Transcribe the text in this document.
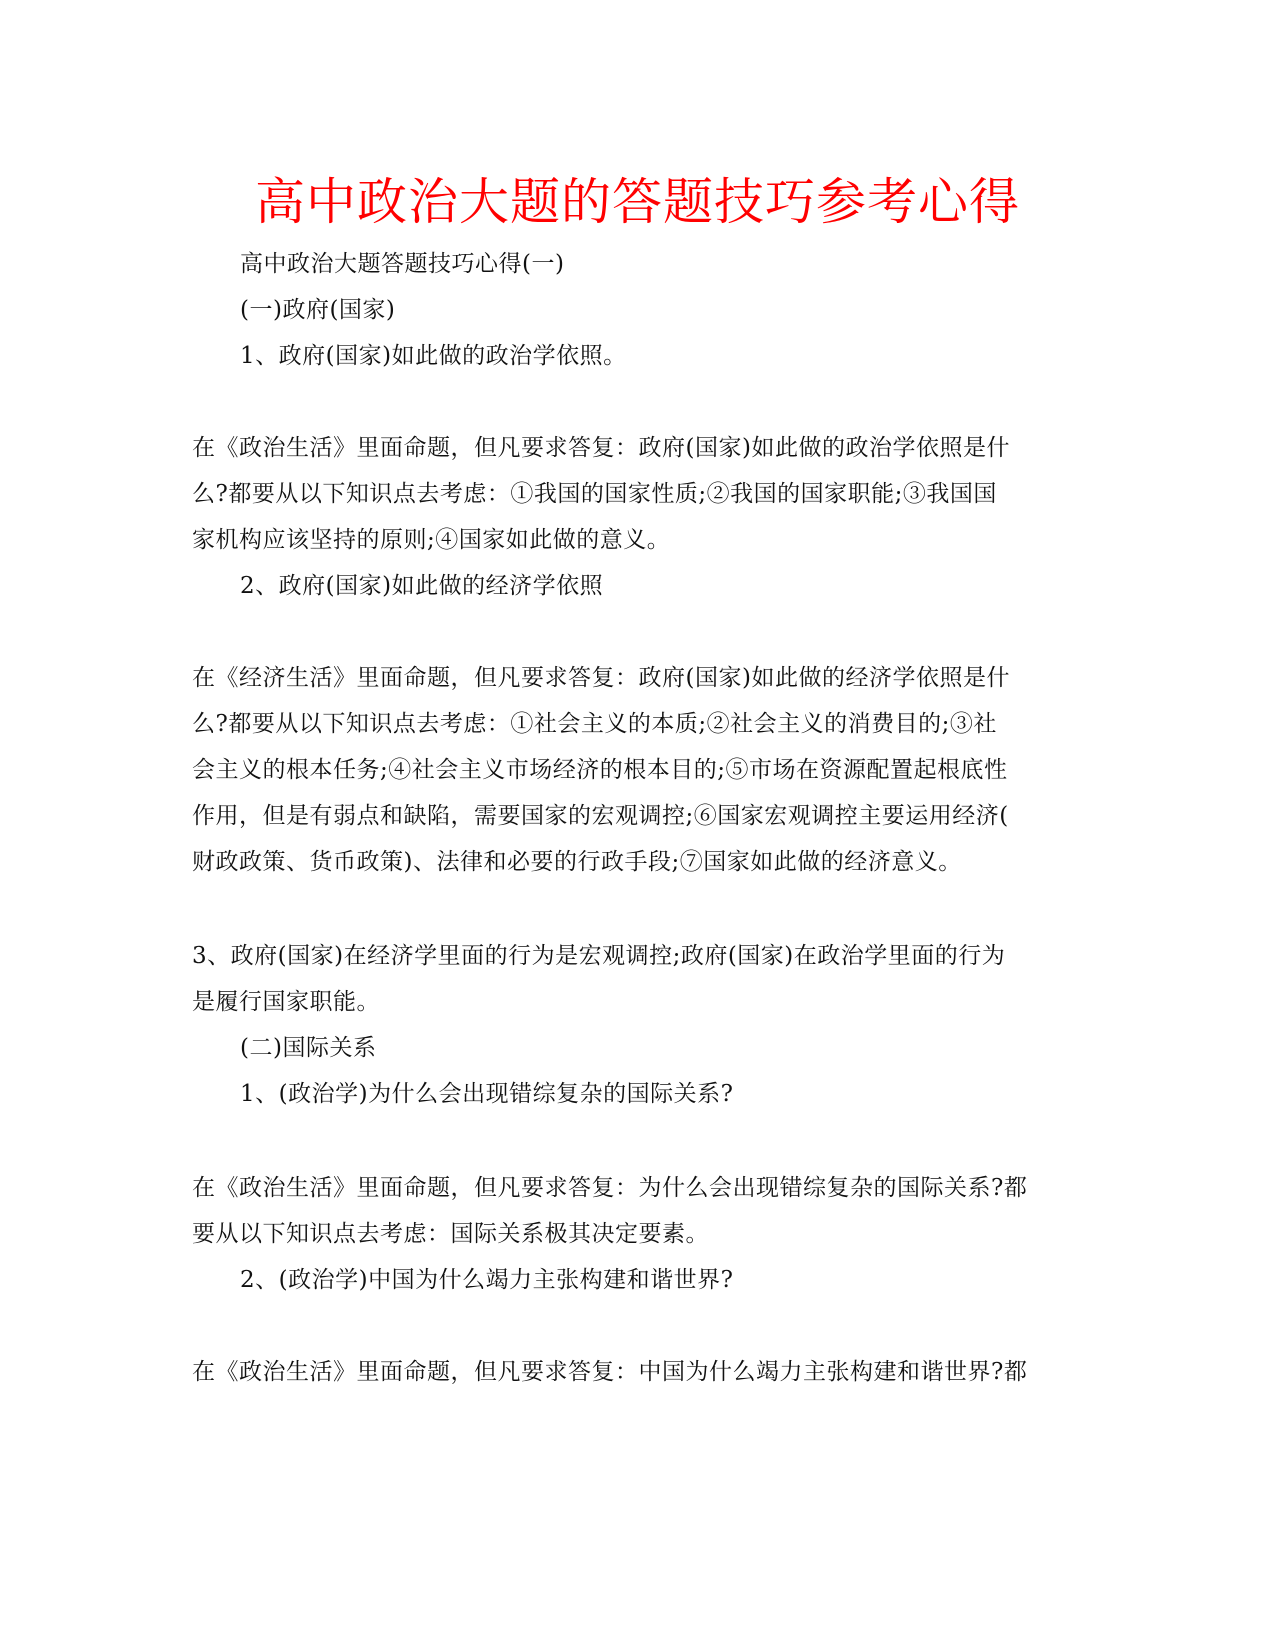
高中政治大题的答题技巧参考心得
高中政治大题答题技巧心得(一)
(一)政府(国家)
1、政府(国家)如此做的政治学依照。
在《政治生活》里面命题，但凡要求答复：政府(国家)如此做的政治学依照是什
么?都要从以下知识点去考虑：①我国的国家性质;②我国的国家职能;③我国国
家机构应该坚持的原则;④国家如此做的意义。
2、政府(国家)如此做的经济学依照
在《经济生活》里面命题，但凡要求答复：政府(国家)如此做的经济学依照是什
么?都要从以下知识点去考虑：①社会主义的本质;②社会主义的消费目的;③社
会主义的根本任务;④社会主义市场经济的根本目的;⑤市场在资源配置起根底性
作用，但是有弱点和缺陷，需要国家的宏观调控;⑥国家宏观调控主要运用经济(
财政政策、货币政策)、法律和必要的行政手段;⑦国家如此做的经济意义。
3、政府(国家)在经济学里面的行为是宏观调控;政府(国家)在政治学里面的行为
是履行国家职能。
(二)国际关系
1、(政治学)为什么会出现错综复杂的国际关系?
在《政治生活》里面命题，但凡要求答复：为什么会出现错综复杂的国际关系?都
要从以下知识点去考虑：国际关系极其决定要素。
2、(政治学)中国为什么竭力主张构建和谐世界?
在《政治生活》里面命题，但凡要求答复：中国为什么竭力主张构建和谐世界?都
